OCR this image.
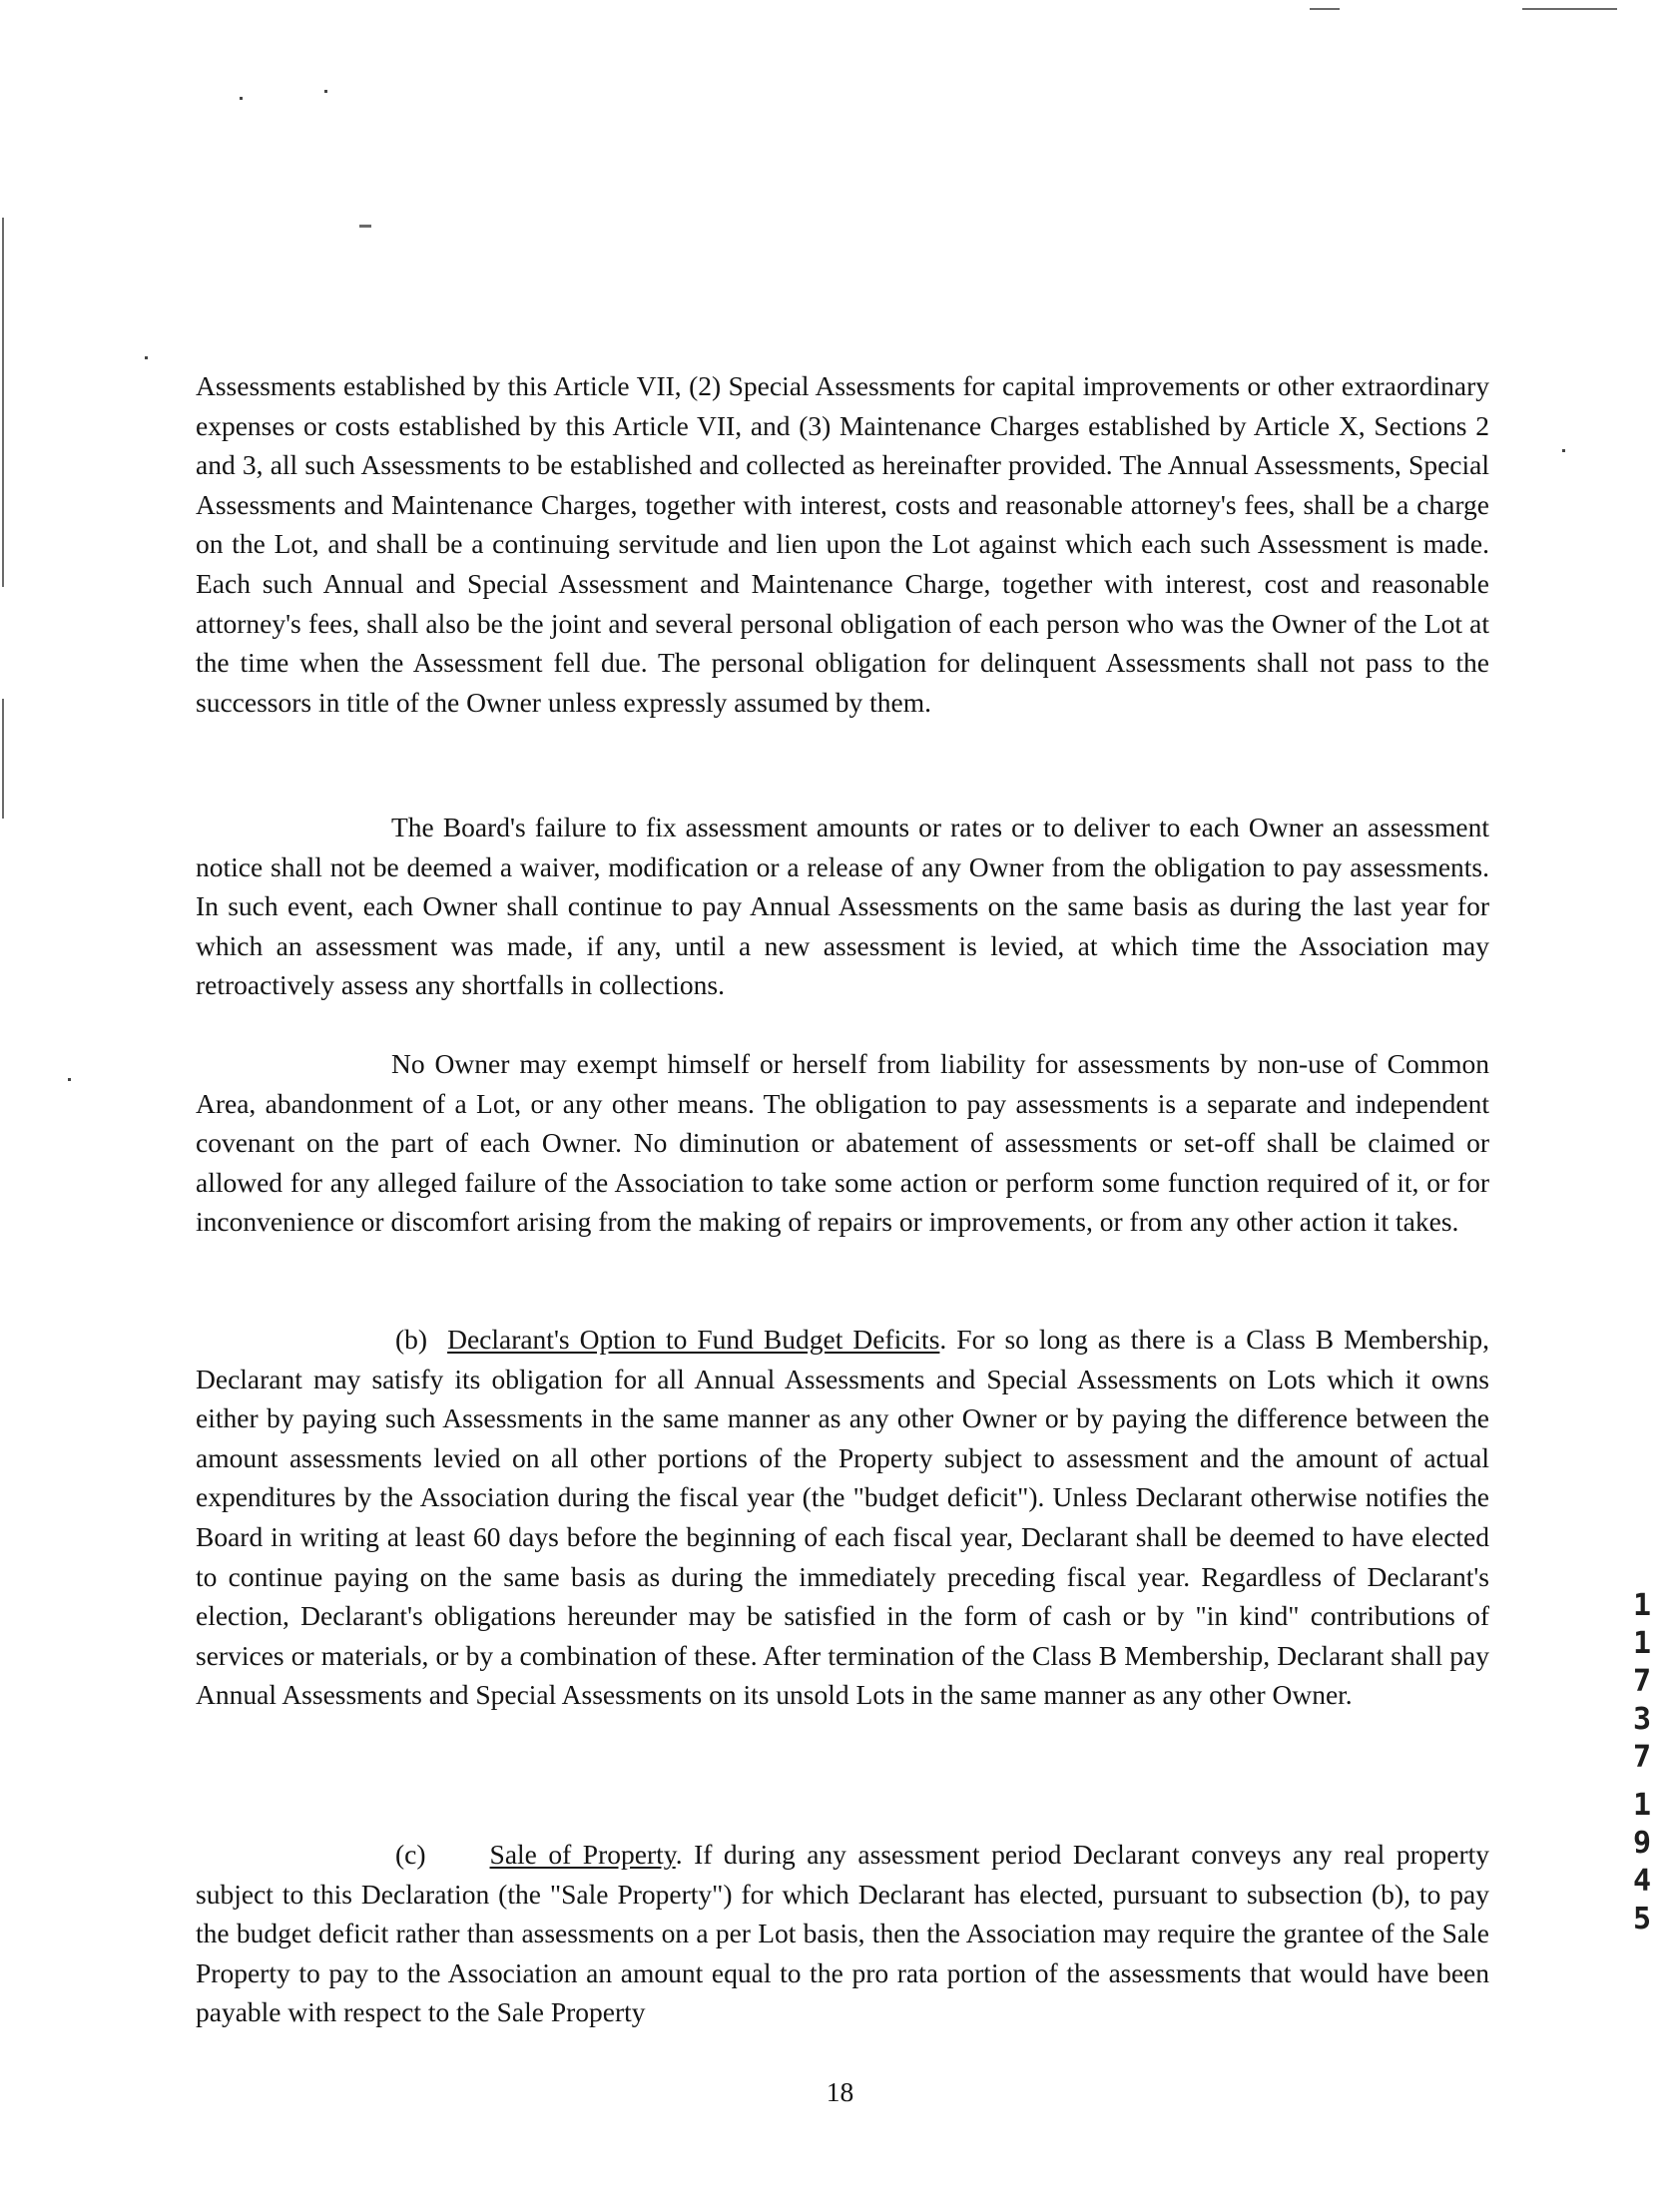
Assessments established by this Article VII, (2) Special Assessments for capital improvements or other extraordinary expenses or costs established by this Article VII, and (3) Maintenance Charges established by Article X, Sections 2 and 3, all such Assessments to be established and collected as hereinafter provided. The Annual Assessments, Special Assessments and Maintenance Charges, together with interest, costs and reasonable attorney's fees, shall be a charge on the Lot, and shall be a continuing servitude and lien upon the Lot against which each such Assessment is made. Each such Annual and Special Assessment and Maintenance Charge, together with interest, cost and reasonable attorney's fees, shall also be the joint and several personal obligation of each person who was the Owner of the Lot at the time when the Assessment fell due. The personal obligation for delinquent Assessments shall not pass to the successors in title of the Owner unless expressly assumed by them.

The Board's failure to fix assessment amounts or rates or to deliver to each Owner an assessment notice shall not be deemed a waiver, modification or a release of any Owner from the obligation to pay assessments. In such event, each Owner shall continue to pay Annual Assessments on the same basis as during the last year for which an assessment was made, if any, until a new assessment is levied, at which time the Association may retroactively assess any shortfalls in collections.

No Owner may exempt himself or herself from liability for assessments by non-use of Common Area, abandonment of a Lot, or any other means. The obligation to pay assessments is a separate and independent covenant on the part of each Owner. No diminution or abatement of assessments or set-off shall be claimed or allowed for any alleged failure of the Association to take some action or perform some function required of it, or for inconvenience or discomfort arising from the making of repairs or improvements, or from any other action it takes.

(b) Declarant's Option to Fund Budget Deficits. For so long as there is a Class B Membership, Declarant may satisfy its obligation for all Annual Assessments and Special Assessments on Lots which it owns either by paying such Assessments in the same manner as any other Owner or by paying the difference between the amount assessments levied on all other portions of the Property subject to assessment and the amount of actual expenditures by the Association during the fiscal year (the "budget deficit"). Unless Declarant otherwise notifies the Board in writing at least 60 days before the beginning of each fiscal year, Declarant shall be deemed to have elected to continue paying on the same basis as during the immediately preceding fiscal year. Regardless of Declarant's election, Declarant's obligations hereunder may be satisfied in the form of cash or by "in kind" contributions of services or materials, or by a combination of these. After termination of the Class B Membership, Declarant shall pay Annual Assessments and Special Assessments on its unsold Lots in the same manner as any other Owner.

(c) Sale of Property. If during any assessment period Declarant conveys any real property subject to this Declaration (the "Sale Property") for which Declarant has elected, pursuant to subsection (b), to pay the budget deficit rather than assessments on a per Lot basis, then the Association may require the grantee of the Sale Property to pay to the Association an amount equal to the pro rata portion of the assessments that would have been payable with respect to the Sale Property

1
1
7
3
7
1
9
4
5
18
